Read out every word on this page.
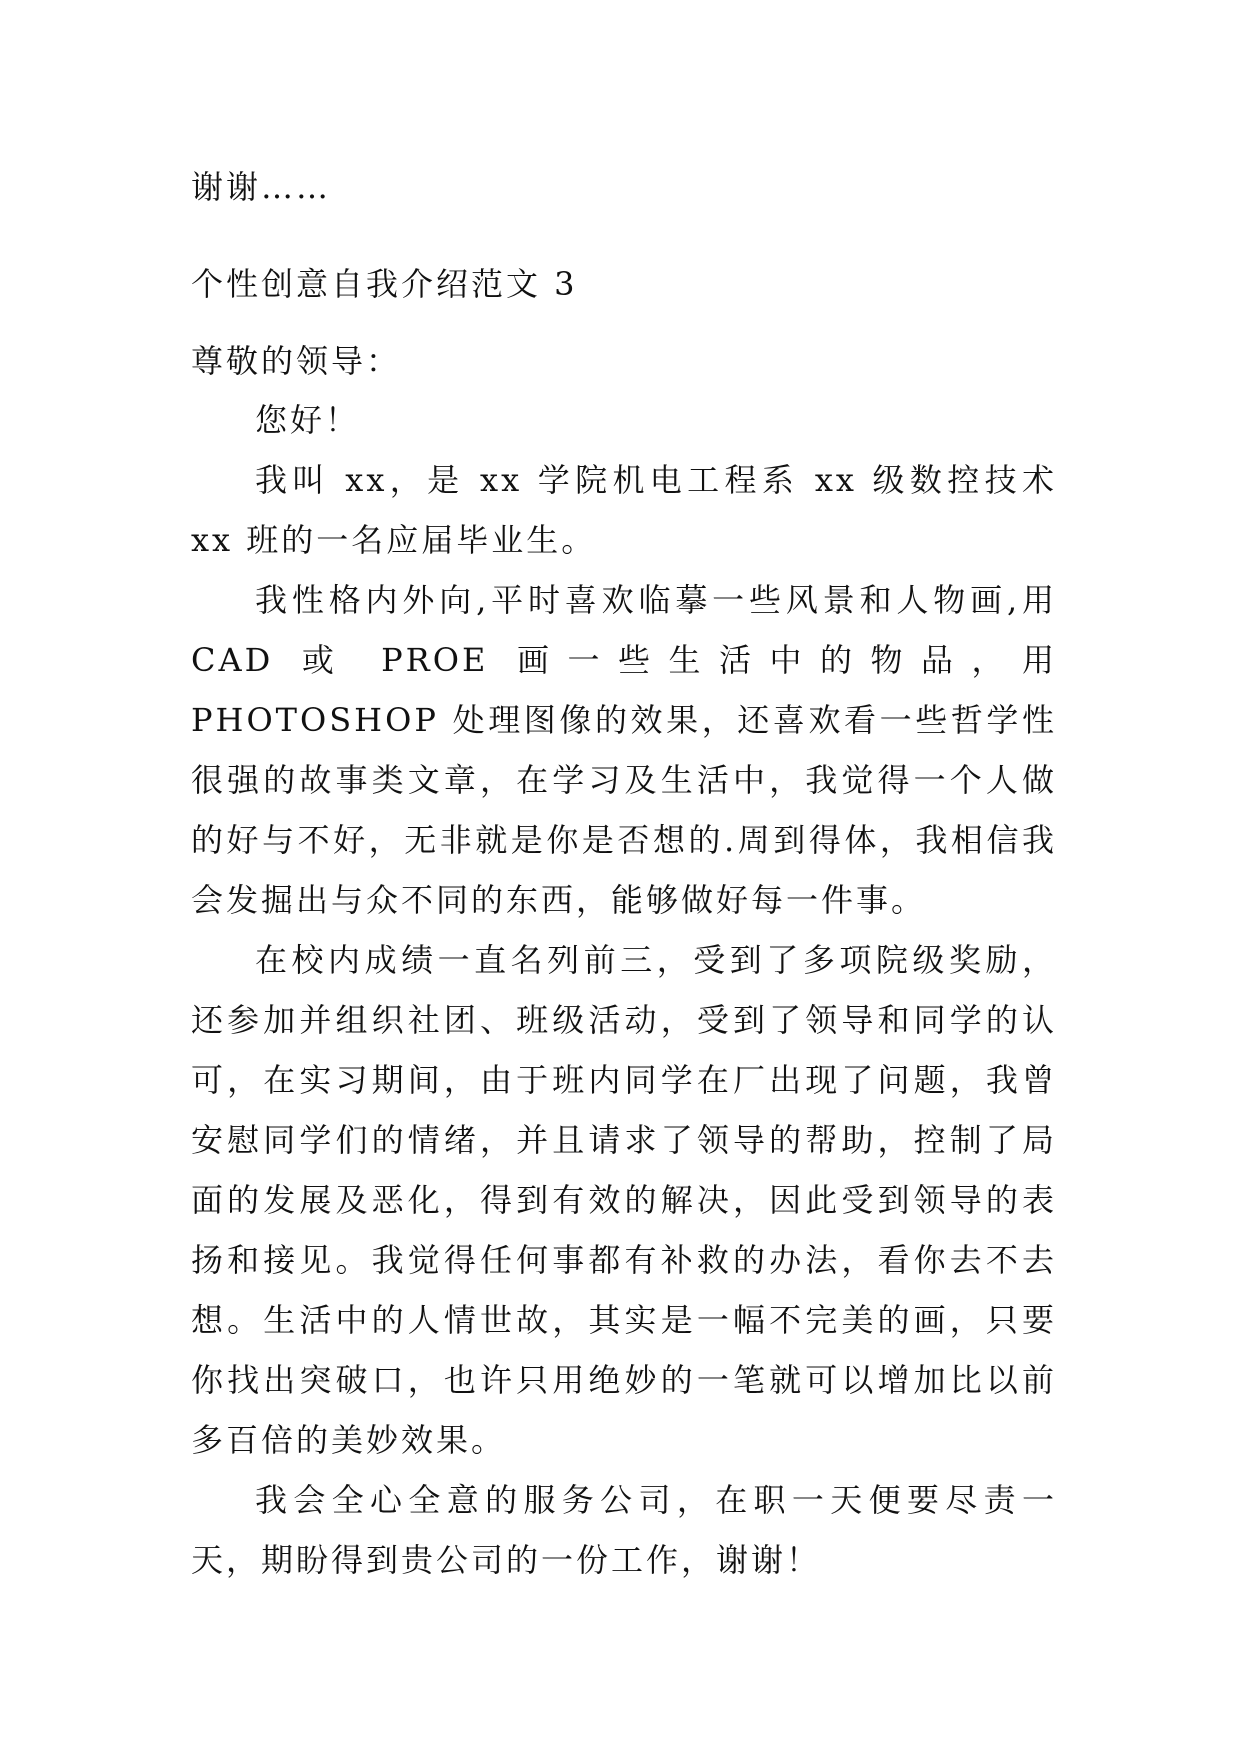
谢谢……

个性创意自我介绍范文 3

尊敬的领导：

您好！

我叫 xx，是 xx 学院机电工程系 xx 级数控技术 xx 班的一名应届毕业生。

我性格内外向,平时喜欢临摹一些风景和人物画,用 CAD 或 PROE 画一些生活中的物品，用 PHOTOSHOP 处理图像的效果，还喜欢看一些哲学性很强的故事类文章，在学习及生活中，我觉得一个人做的好与不好，无非就是你是否想的.周到得体，我相信我会发掘出与众不同的东西，能够做好每一件事。

在校内成绩一直名列前三，受到了多项院级奖励，还参加并组织社团、班级活动，受到了领导和同学的认可，在实习期间，由于班内同学在厂出现了问题，我曾安慰同学们的情绪，并且请求了领导的帮助，控制了局面的发展及恶化，得到有效的解决，因此受到领导的表扬和接见。我觉得任何事都有补救的办法，看你去不去想。生活中的人情世故，其实是一幅不完美的画，只要你找出突破口，也许只用绝妙的一笔就可以增加比以前多百倍的美妙效果。

我会全心全意的服务公司，在职一天便要尽责一天，期盼得到贵公司的一份工作，谢谢！
